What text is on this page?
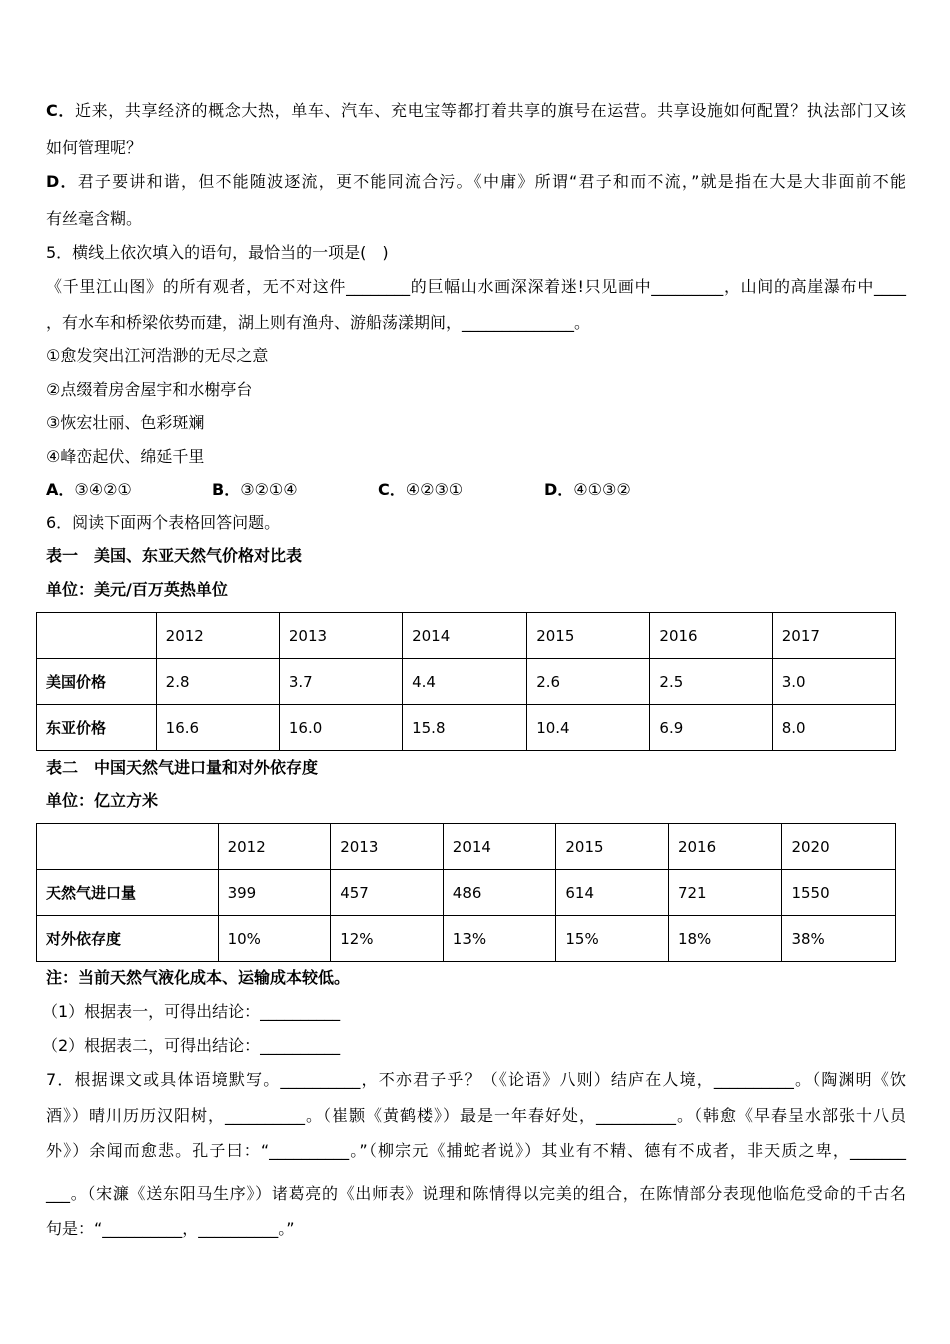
C．近来，共享经济的概念大热，单车、汽车、充电宝等都打着共享的旗号在运营。共享设施如何配置？执法部门又该
如何管理呢？
D．君子要讲和谐，但不能随波逐流，更不能同流合污。《中庸》所谓“君子和而不流，”就是指在大是大非面前不能
有丝毫含糊。
5．横线上依次填入的语句，最恰当的一项是(　)
《千里江山图》的所有观者，无不对这件________的巨幅山水画深深着迷!只见画中_________，山间的高崖瀑布中____
，有水车和桥梁依势而建，湖上则有渔舟、游船荡漾期间，______________。
①愈发突出江河浩渺的无尽之意
②点缀着房舍屋宇和水榭亭台
③恢宏壮丽、色彩斑斓
④峰峦起伏、绵延千里
A．③④②①	B．③②①④	C．④②③①	D．④①③②
6．阅读下面两个表格回答问题。
表一　美国、东亚天然气价格对比表
单位：美元/百万英热单位
	2012	2013	2014	2015	2016	2017
美国价格	2.8	3.7	4.4	2.6	2.5	3.0
东亚价格	16.6	16.0	15.8	10.4	6.9	8.0
表二　中国天然气进口量和对外依存度
单位：亿立方米
	2012	2013	2014	2015	2016	2020
天然气进口量	399	457	486	614	721	1550
对外依存度	10%	12%	13%	15%	18%	38%
注：当前天然气液化成本、运输成本较低。
（1）根据表一，可得出结论：__________
（2）根据表二，可得出结论：__________
7．根据课文或具体语境默写。__________，不亦君子乎？（《论语》八则）结庐在人境，__________。（陶渊明《饮
酒》）晴川历历汉阳树，__________。（崔颢《黄鹤楼》）最是一年春好处，__________。（韩愈《早春呈水部张十八员
外》）余闻而愈悲。孔子曰：“__________。”（柳宗元《捕蛇者说》）其业有不精、德有不成者，非天质之卑，_______
___。（宋濂《送东阳马生序》）诸葛亮的《出师表》说理和陈情得以完美的组合，在陈情部分表现他临危受命的千古名
句是：“__________，__________。”
